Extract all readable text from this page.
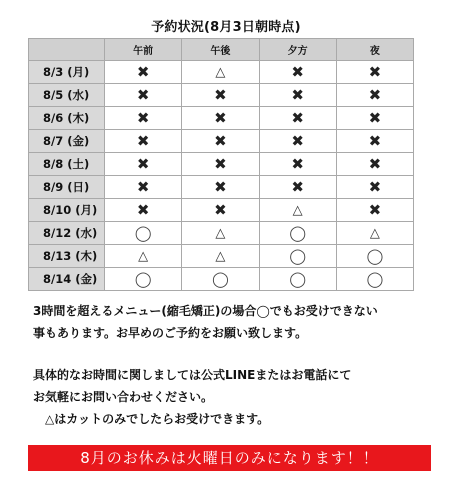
予約状況(8月3日朝時点)
	午前	午後	夕方	夜
8/3 (月)	✖	△	✖	✖
8/5 (水)	✖	✖	✖	✖
8/6 (木)	✖	✖	✖	✖
8/7 (金)	✖	✖	✖	✖
8/8 (土)	✖	✖	✖	✖
8/9 (日)	✖	✖	✖	✖
8/10 (月)	✖	✖	△	✖
8/12 (水)	◯	△	◯	△
8/13 (木)	△	△	◯	◯
8/14 (金)	◯	◯	◯	◯

3時間を超えるメニュー(縮毛矯正)の場合◯でもお受けできない

事もあります。お早めのご予約をお願い致します。

具体的なお時間に関しましては公式LINEまたはお電話にて

お気軽にお問い合わせください。

　△はカットのみでしたらお受けできます。

8月のお休みは火曜日のみになります！！
